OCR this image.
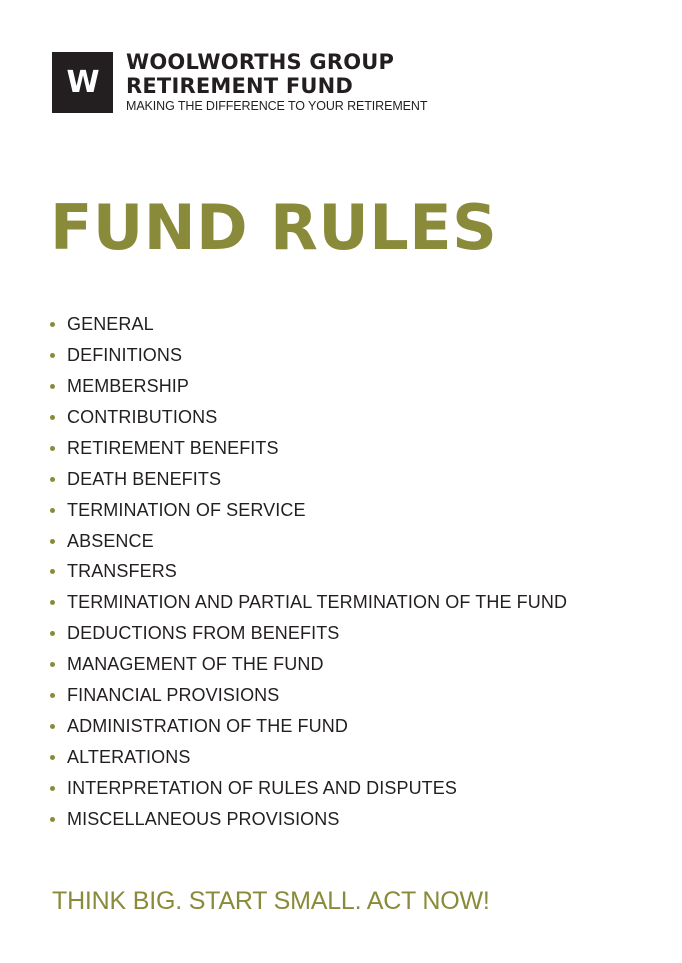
W
WOOLWORTHS GROUP
RETIREMENT FUND
MAKING THE DIFFERENCE TO YOUR RETIREMENT
FUND RULES
GENERAL
DEFINITIONS
MEMBERSHIP
CONTRIBUTIONS
RETIREMENT BENEFITS
DEATH BENEFITS
TERMINATION OF SERVICE
ABSENCE
TRANSFERS
TERMINATION AND PARTIAL TERMINATION OF THE FUND
DEDUCTIONS FROM BENEFITS
MANAGEMENT OF THE FUND
FINANCIAL PROVISIONS
ADMINISTRATION OF THE FUND
ALTERATIONS
INTERPRETATION OF RULES AND DISPUTES
MISCELLANEOUS PROVISIONS
THINK BIG. START SMALL. ACT NOW!
